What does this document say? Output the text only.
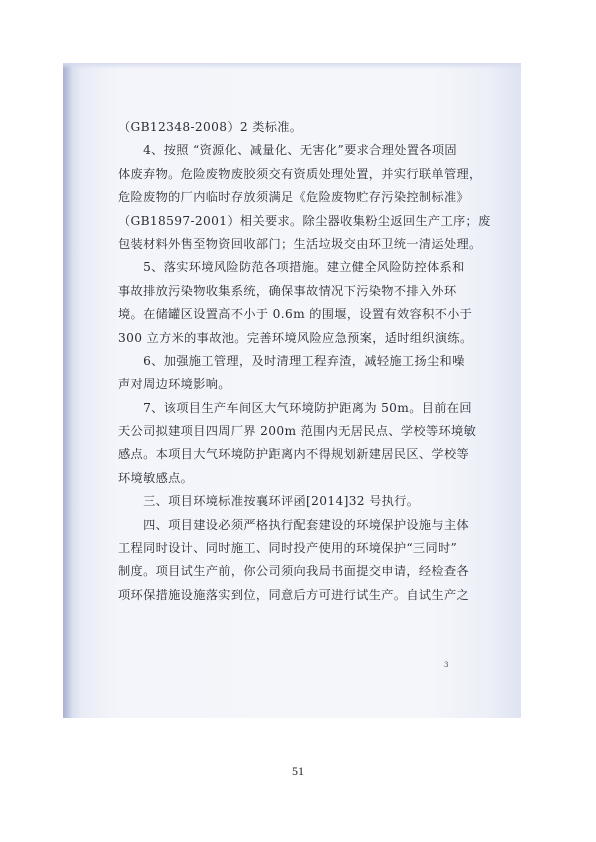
（GB12348-2008）2 类标准。
　　4、按照 “资源化、减量化、无害化”要求合理处置各项固
体废弃物。危险废物废胶须交有资质处理处置，并实行联单管理，
危险废物的厂内临时存放须满足《危险废物贮存污染控制标准》
（GB18597-2001）相关要求。除尘器收集粉尘返回生产工序；废
包装材料外售至物资回收部门；生活垃圾交由环卫统一清运处理。
　　5、落实环境风险防范各项措施。建立健全风险防控体系和
事故排放污染物收集系统，确保事故情况下污染物不排入外环
境。在储罐区设置高不小于 0.6m 的围堰，设置有效容积不小于
300 立方米的事故池。完善环境风险应急预案，适时组织演练。
　　6、加强施工管理，及时清理工程弃渣，减轻施工扬尘和噪
声对周边环境影响。
　　7、该项目生产车间区大气环境防护距离为 50m。目前在回
天公司拟建项目四周厂界 200m 范围内无居民点、学校等环境敏
感点。本项目大气环境防护距离内不得规划新建居民区、学校等
环境敏感点。
　　三、项目环境标准按襄环评函[2014]32 号执行。
　　四、项目建设必须严格执行配套建设的环境保护设施与主体
工程同时设计、同时施工、同时投产使用的环境保护“三同时”
制度。项目试生产前，你公司须向我局书面提交申请，经检查各
项环保措施设施落实到位，同意后方可进行试生产。自试生产之
3
51
